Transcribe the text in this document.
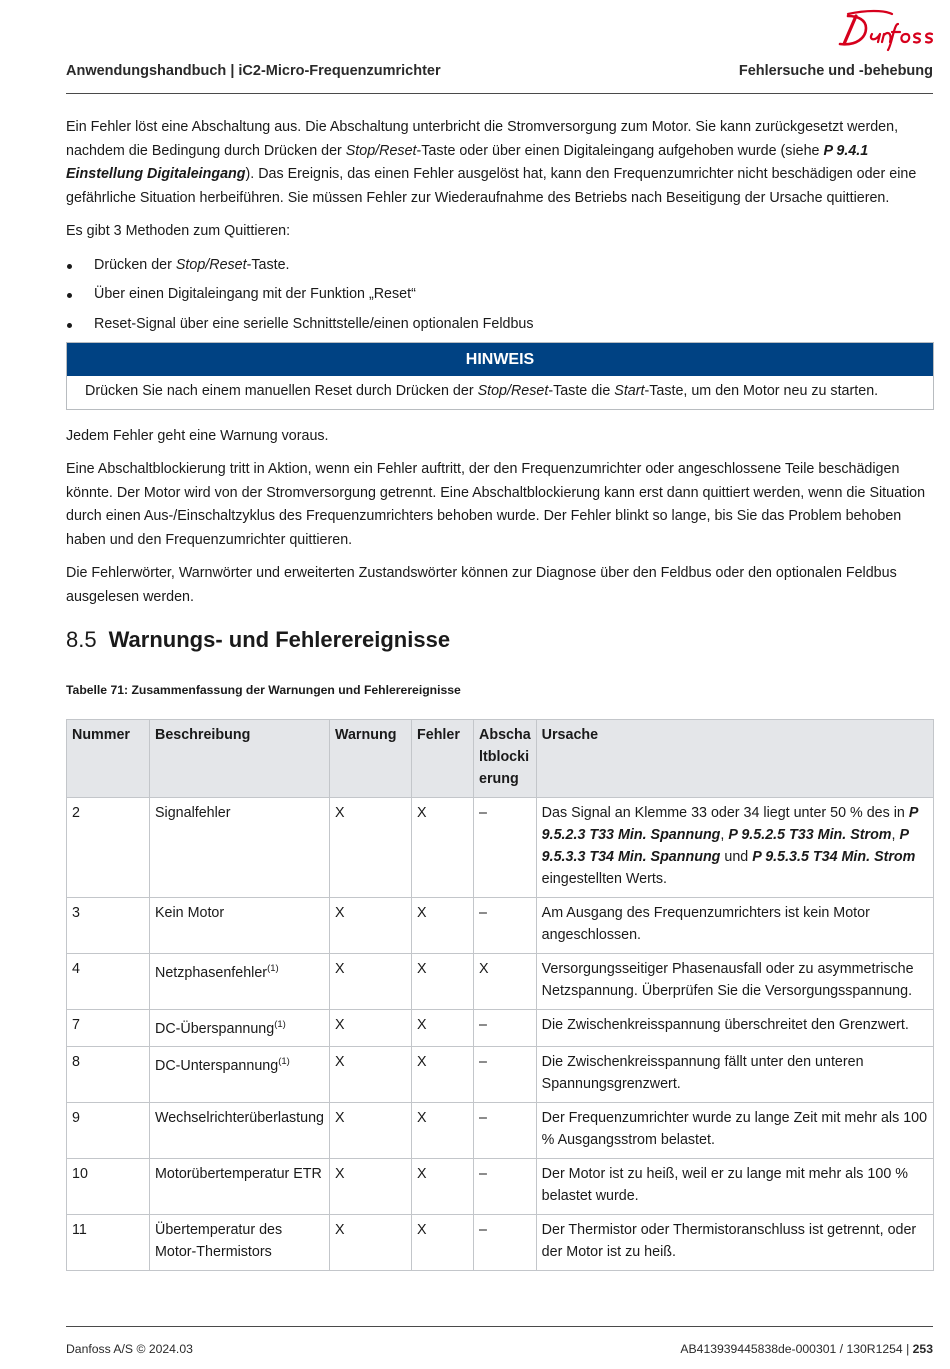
Anwendungshandbuch | iC2-Micro-Frequenzumrichter	Fehlersuche und -behebung

Ein Fehler löst eine Abschaltung aus. Die Abschaltung unterbricht die Stromversorgung zum Motor. Sie kann zurückgesetzt werden, nachdem die Bedingung durch Drücken der Stop/Reset-Taste oder über einen Digitaleingang aufgehoben wurde (siehe P 9.4.1 Einstellung Digitaleingang). Das Ereignis, das einen Fehler ausgelöst hat, kann den Frequenzumrichter nicht beschädigen oder eine gefährliche Situation herbeiführen. Sie müssen Fehler zur Wiederaufnahme des Betriebs nach Beseitigung der Ursache quittieren.

Es gibt 3 Methoden zum Quittieren:

Drücken der Stop/Reset-Taste.
Über einen Digitaleingang mit der Funktion „Reset“
Reset-Signal über eine serielle Schnittstelle/einen optionalen Feldbus
HINWEIS
Drücken Sie nach einem manuellen Reset durch Drücken der Stop/Reset-Taste die Start-Taste, um den Motor neu zu starten.

Jedem Fehler geht eine Warnung voraus.

Eine Abschaltblockierung tritt in Aktion, wenn ein Fehler auftritt, der den Frequenzumrichter oder angeschlossene Teile beschädigen könnte. Der Motor wird von der Stromversorgung getrennt. Eine Abschaltblockierung kann erst dann quittiert werden, wenn die Situation durch einen Aus-/Einschaltzyklus des Frequenzumrichters behoben wurde. Der Fehler blinkt so lange, bis Sie das Problem behoben haben und den Frequenzumrichter quittieren.

Die Fehlerwörter, Warnwörter und erweiterten Zustandswörter können zur Diagnose über den Feldbus oder den optionalen Feldbus ausgelesen werden.

8.5 Warnungs- und Fehlerereignisse
Tabelle 71: Zusammenfassung der Warnungen und Fehlerereignisse
Nummer	Beschreibung	Warnung	Fehler	Abscha ltblocki erung	Ursache
2	Signalfehler	X	X	–	Das Signal an Klemme 33 oder 34 liegt unter 50 % des in P 9.5.2.3 T33 Min. Spannung, P 9.5.2.5 T33 Min. Strom, P 9.5.3.3 T34 Min. Spannung und P 9.5.3.5 T34 Min. Strom eingestellten Werts.
3	Kein Motor	X	X	–	Am Ausgang des Frequenzumrichters ist kein Motor angeschlossen.
4	Netzphasenfehler$^{(1)}$	X	X	X	Versorgungsseitiger Phasenausfall oder zu asymmetrische Netzspannung. Überprüfen Sie die Versorgungsspannung.
7	DC-Überspannung$^{(1)}$	X	X	–	Die Zwischenkreisspannung überschreitet den Grenzwert.
8	DC-Unterspannung$^{(1)}$	X	X	–	Die Zwischenkreisspannung fällt unter den unteren Spannungsgrenzwert.
9	Wechselrichterüberlastung	X	X	–	Der Frequenzumrichter wurde zu lange Zeit mit mehr als 100 % Ausgangsstrom belastet.
10	Motorübertemperatur ETR	X	X	–	Der Motor ist zu heiß, weil er zu lange mit mehr als 100 % belastet wurde.
11	Übertemperatur des Motor-Thermistors	X	X	–	Der Thermistor oder Thermistoranschluss ist getrennt, oder der Motor ist zu heiß.
Danfoss A/S © 2024.03	AB413939445838de-000301 / 130R1254 | 253
